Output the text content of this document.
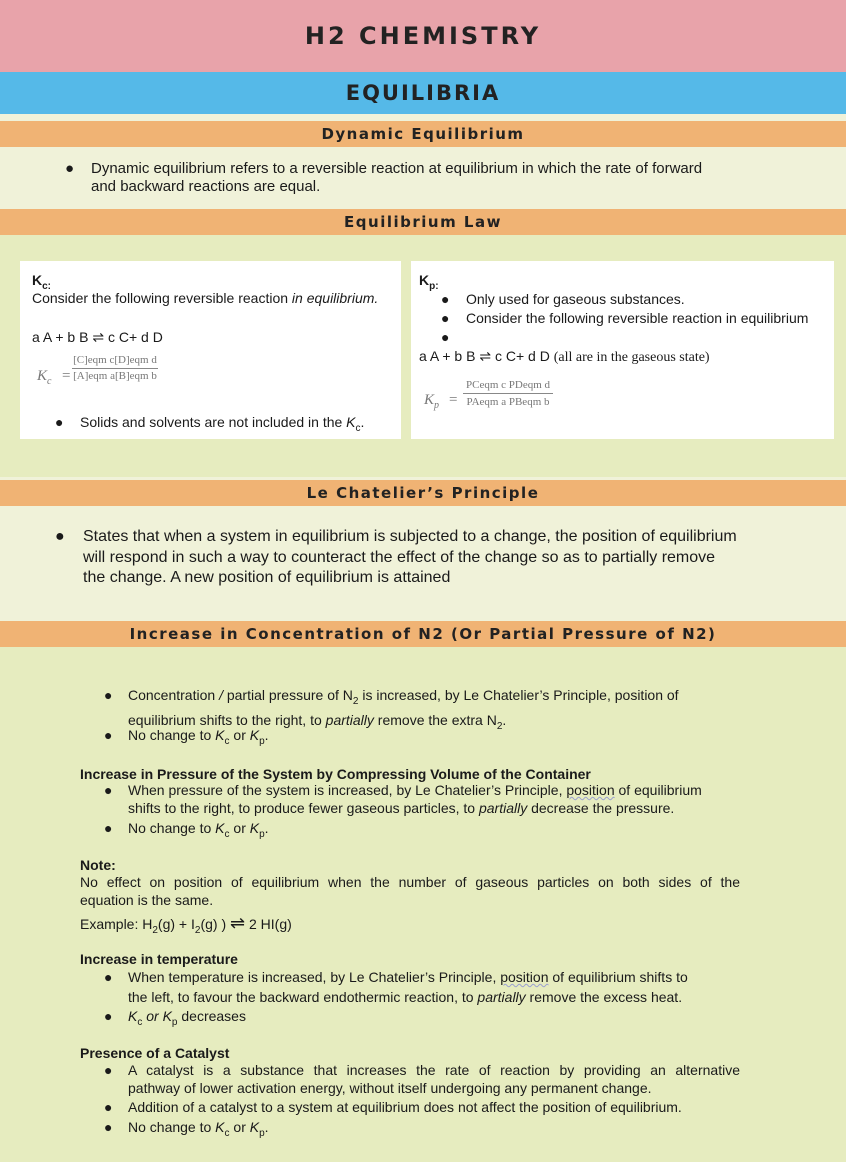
H2 CHEMISTRY
EQUILIBRIA
Dynamic Equilibrium
● Dynamic equilibrium refers to a reversible reaction at equilibrium in which the rate of forward
and backward reactions are equal.
Equilibrium Law
$K_{c:}$
Consider the following reversible reaction in equilibrium.
a A + b B ⇌ c C+ d D
$K_c$ =
[C]eqm c[D]eqm d
[A]eqm a[B]eqm b
● Solids and solvents are not included in the $K_c$.
$K_{p:}$
● Only used for gaseous substances.
● Consider the following reversible reaction in equilibrium
●
a A + b B ⇌ c C+ d D (all are in the gaseous state)
$K_p$ =
PCeqm c PDeqm d
PAeqm a PBeqm b
Le Chatelier’s Principle
● States that when a system in equilibrium is subjected to a change, the position of equilibrium
will respond in such a way to counteract the effect of the change so as to partially remove
the change. A new position of equilibrium is attained
Increase in Concentration of N2 (Or Partial Pressure of N2)
● Concentration / partial pressure of $N_2$ is increased, by Le Chatelier’s Principle, position of
equilibrium shifts to the right, to partially remove the extra $N_2$.
● No change to $K_c$ or $K_p$.
Increase in Pressure of the System by Compressing Volume of the Container
● When pressure of the system is increased, by Le Chatelier’s Principle, position of equilibrium
shifts to the right, to produce fewer gaseous particles, to partially decrease the pressure.
● No change to $K_c$ or $K_p$.
Note:
No effect on position of equilibrium when the number of gaseous particles on both sides of the
equation is the same.
Example: $H_2(g) + I_2(g)$ ) ⇌ 2 HI(g)
Increase in temperature
● When temperature is increased, by Le Chatelier’s Principle, position of equilibrium shifts to
the left, to favour the backward endothermic reaction, to partially remove the excess heat.
● $K_c$ or $K_p$ decreases
Presence of a Catalyst
● A catalyst is a substance that increases the rate of reaction by providing an alternative
pathway of lower activation energy, without itself undergoing any permanent change.
● Addition of a catalyst to a system at equilibrium does not affect the position of equilibrium.
● No change to $K_c$ or $K_p$.
